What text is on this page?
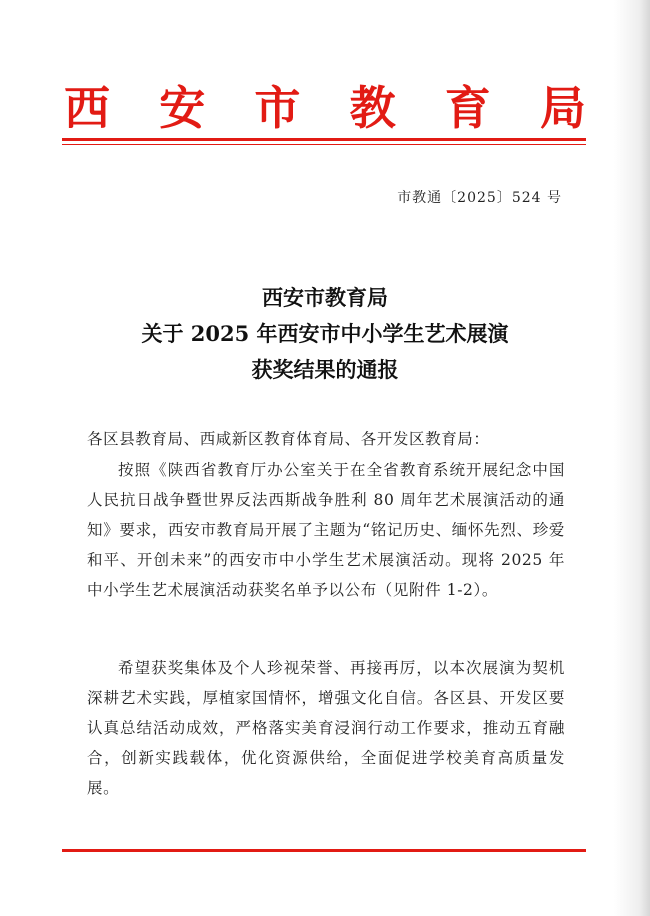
西 安 市 教 育 局
市教通〔2025〕524 号
西安市教育局
关于 2025 年西安市中小学生艺术展演
获奖结果的通报
各区县教育局、西咸新区教育体育局、各开发区教育局：
按照《陕西省教育厅办公室关于在全省教育系统开展纪念中国人民抗日战争暨世界反法西斯战争胜利 80 周年艺术展演活动的通知》要求，西安市教育局开展了主题为“铭记历史、缅怀先烈、珍爱和平、开创未来”的西安市中小学生艺术展演活动。现将 2025 年中小学生艺术展演活动获奖名单予以公布（见附件 1-2）。
希望获奖集体及个人珍视荣誉、再接再厉，以本次展演为契机深耕艺术实践，厚植家国情怀，增强文化自信。各区县、开发区要认真总结活动成效，严格落实美育浸润行动工作要求，推动五育融合，创新实践载体，优化资源供给，全面促进学校美育高质量发展。
